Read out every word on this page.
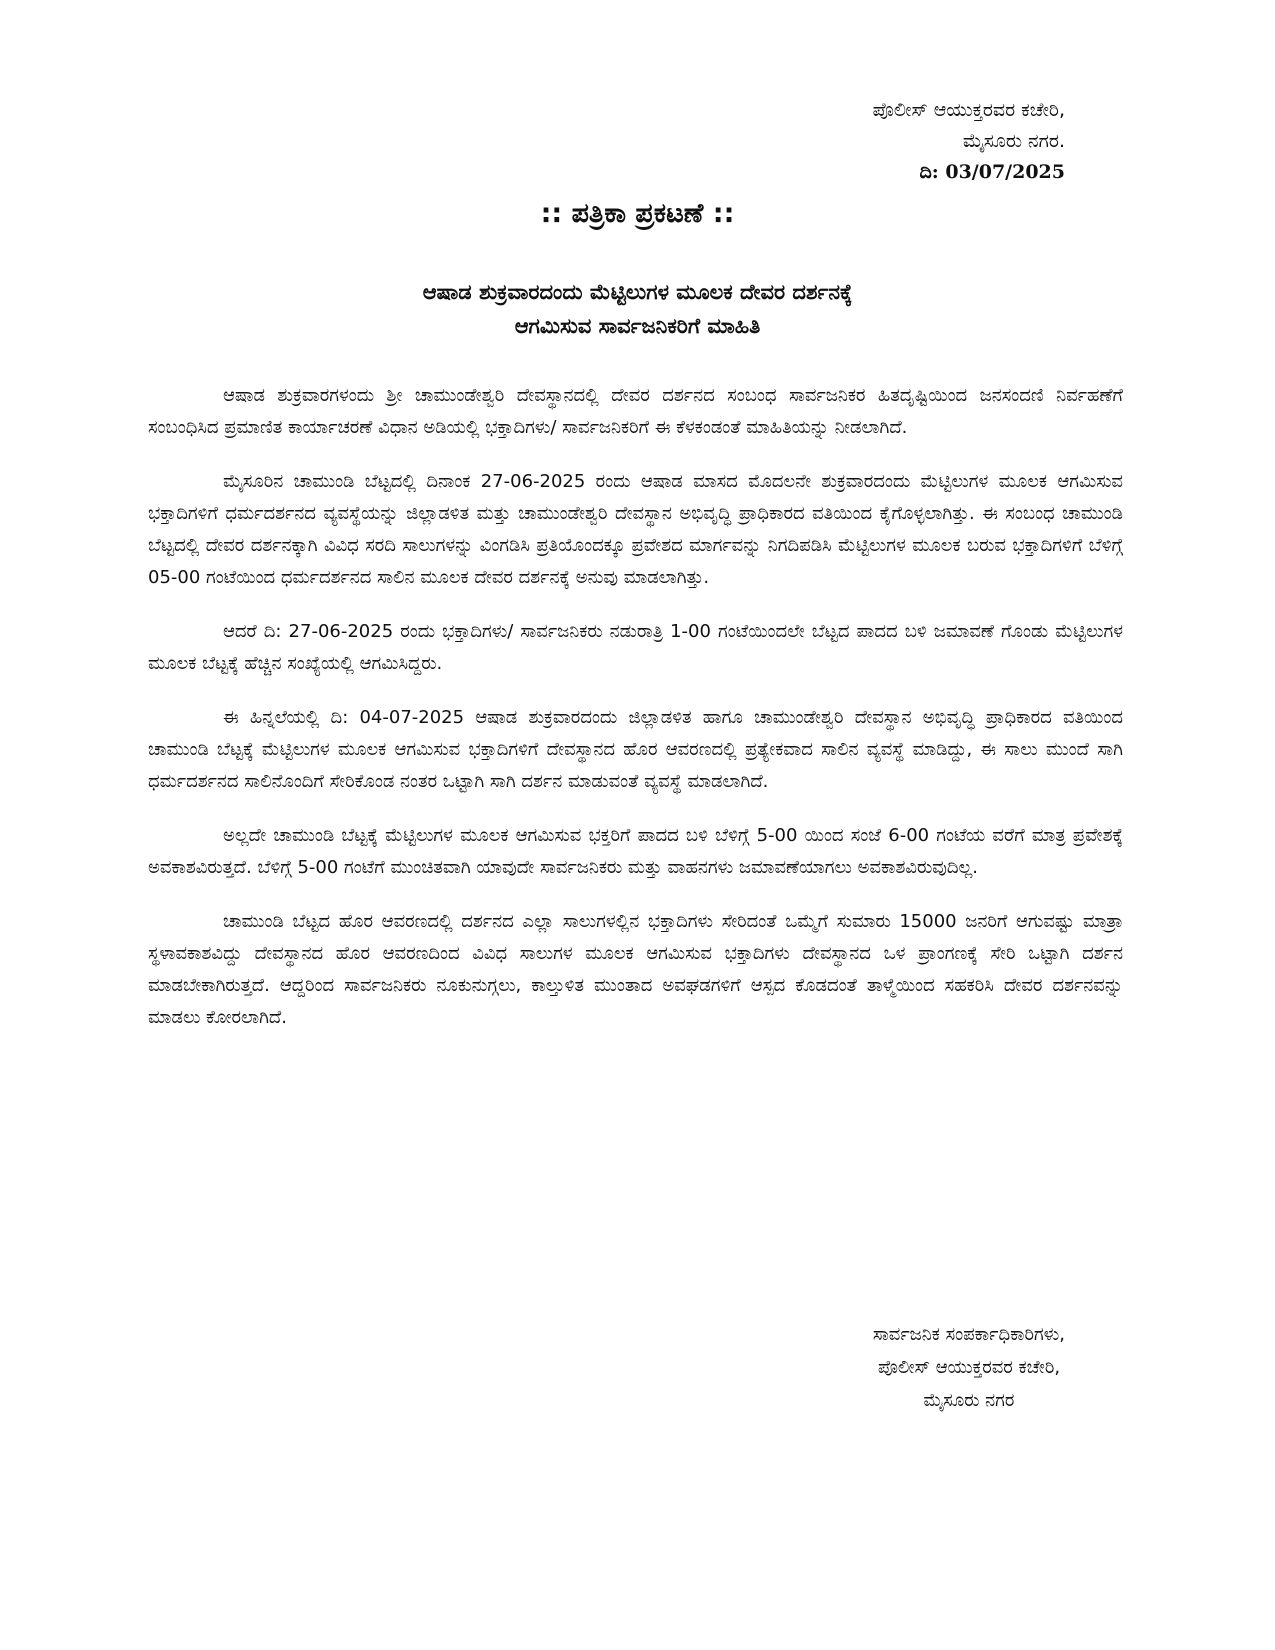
ಪೊಲೀಸ್ ಆಯುಕ್ತರವರ ಕಚೇರಿ,
ಮೈಸೂರು ನಗರ.
ದಿ: 03/07/2025
:: ಪತ್ರಿಕಾ ಪ್ರಕಟಣೆ ::
ಆಷಾಡ ಶುಕ್ರವಾರದಂದು ಮೆಟ್ಟಿಲುಗಳ ಮೂಲಕ ದೇವರ ದರ್ಶನಕ್ಕೆ
ಆಗಮಿಸುವ ಸಾರ್ವಜನಿಕರಿಗೆ ಮಾಹಿತಿ

ಆಷಾಡ ಶುಕ್ರವಾರಗಳಂದು ಶ್ರೀ ಚಾಮುಂಡೇಶ್ವರಿ ದೇವಸ್ಥಾನದಲ್ಲಿ ದೇವರ ದರ್ಶನದ ಸಂಬಂಧ ಸಾರ್ವಜನಿಕರ ಹಿತದೃಷ್ಟಿಯಿಂದ ಜನಸಂದಣಿ ನಿರ್ವಹಣೆಗೆ ಸಂಬಂಧಿಸಿದ ಪ್ರಮಾಣಿತ ಕಾರ್ಯಾಚರಣೆ ವಿಧಾನ ಅಡಿಯಲ್ಲಿ ಭಕ್ತಾದಿಗಳು/ ಸಾರ್ವಜನಿಕರಿಗೆ ಈ ಕೆಳಕಂಡಂತೆ ಮಾಹಿತಿಯನ್ನು ನೀಡಲಾಗಿದೆ.

ಮೈಸೂರಿನ ಚಾಮುಂಡಿ ಬೆಟ್ಟದಲ್ಲಿ ದಿನಾಂಕ 27-06-2025 ರಂದು ಆಷಾಡ ಮಾಸದ ಮೊದಲನೇ ಶುಕ್ರವಾರದಂದು ಮೆಟ್ಟಿಲುಗಳ ಮೂಲಕ ಆಗಮಿಸುವ ಭಕ್ತಾದಿಗಳಿಗೆ ಧರ್ಮದರ್ಶನದ ವ್ಯವಸ್ಥೆಯನ್ನು ಜಿಲ್ಲಾಡಳಿತ ಮತ್ತು ಚಾಮುಂಡೇಶ್ವರಿ ದೇವಸ್ಥಾನ ಅಭಿವೃದ್ಧಿ ಪ್ರಾಧಿಕಾರದ ವತಿಯಿಂದ ಕೈಗೊಳ್ಳಲಾಗಿತ್ತು. ಈ ಸಂಬಂಧ ಚಾಮುಂಡಿ ಬೆಟ್ಟದಲ್ಲಿ ದೇವರ ದರ್ಶನಕ್ಕಾಗಿ ವಿವಿಧ ಸರದಿ ಸಾಲುಗಳನ್ನು ವಿಂಗಡಿಸಿ ಪ್ರತಿಯೊಂದಕ್ಕೂ ಪ್ರವೇಶದ ಮಾರ್ಗವನ್ನು ನಿಗದಿಪಡಿಸಿ ಮೆಟ್ಟಿಲುಗಳ ಮೂಲಕ ಬರುವ ಭಕ್ತಾದಿಗಳಿಗೆ ಬೆಳಿಗ್ಗೆ 05-00 ಗಂಟೆಯಿಂದ ಧರ್ಮದರ್ಶನದ ಸಾಲಿನ ಮೂಲಕ ದೇವರ ದರ್ಶನಕ್ಕೆ ಅನುವು ಮಾಡಲಾಗಿತ್ತು.

ಆದರೆ ದಿ: 27-06-2025 ರಂದು ಭಕ್ತಾದಿಗಳು/ ಸಾರ್ವಜನಿಕರು ನಡುರಾತ್ರಿ 1-00 ಗಂಟೆಯಿಂದಲೇ ಬೆಟ್ಟದ ಪಾದದ ಬಳಿ ಜಮಾವಣೆ ಗೊಂಡು ಮೆಟ್ಟಿಲುಗಳ ಮೂಲಕ ಬೆಟ್ಟಕ್ಕೆ ಹೆಚ್ಚಿನ ಸಂಖ್ಯೆಯಲ್ಲಿ ಆಗಮಿಸಿದ್ದರು.

ಈ ಹಿನ್ನಲೆಯಲ್ಲಿ ದಿ: 04-07-2025 ಆಷಾಡ ಶುಕ್ರವಾರದಂದು ಜಿಲ್ಲಾಡಳಿತ ಹಾಗೂ ಚಾಮುಂಡೇಶ್ವರಿ ದೇವಸ್ಥಾನ ಅಭಿವೃದ್ಧಿ ಪ್ರಾಧಿಕಾರದ ವತಿಯಿಂದ ಚಾಮುಂಡಿ ಬೆಟ್ಟಕ್ಕೆ ಮೆಟ್ಟಿಲುಗಳ ಮೂಲಕ ಆಗಮಿಸುವ ಭಕ್ತಾದಿಗಳಿಗೆ ದೇವಸ್ಥಾನದ ಹೊರ ಆವರಣದಲ್ಲಿ ಪ್ರತ್ಯೇಕವಾದ ಸಾಲಿನ ವ್ಯವಸ್ಥೆ ಮಾಡಿದ್ದು, ಈ ಸಾಲು ಮುಂದೆ ಸಾಗಿ ಧರ್ಮದರ್ಶನದ ಸಾಲಿನೊಂದಿಗೆ ಸೇರಿಕೊಂಡ ನಂತರ ಒಟ್ಟಾಗಿ ಸಾಗಿ ದರ್ಶನ ಮಾಡುವಂತೆ ವ್ಯವಸ್ಥೆ ಮಾಡಲಾಗಿದೆ.

ಅಲ್ಲದೇ ಚಾಮುಂಡಿ ಬೆಟ್ಟಕ್ಕೆ ಮೆಟ್ಟಿಲುಗಳ ಮೂಲಕ ಆಗಮಿಸುವ ಭಕ್ತರಿಗೆ ಪಾದದ ಬಳಿ ಬೆಳಿಗ್ಗೆ 5-00 ಯಿಂದ ಸಂಜೆ 6-00 ಗಂಟೆಯ ವರೆಗೆ ಮಾತ್ರ ಪ್ರವೇಶಕ್ಕೆ ಅವಕಾಶವಿರುತ್ತದೆ. ಬೆಳಿಗ್ಗೆ 5-00 ಗಂಟೆಗೆ ಮುಂಚಿತವಾಗಿ ಯಾವುದೇ ಸಾರ್ವಜನಿಕರು ಮತ್ತು ವಾಹನಗಳು ಜಮಾವಣೆಯಾಗಲು ಅವಕಾಶವಿರುವುದಿಲ್ಲ.

ಚಾಮುಂಡಿ ಬೆಟ್ಟದ ಹೊರ ಆವರಣದಲ್ಲಿ ದರ್ಶನದ ಎಲ್ಲಾ ಸಾಲುಗಳಲ್ಲಿನ ಭಕ್ತಾದಿಗಳು ಸೇರಿದಂತೆ ಒಮ್ಮೆಗೆ ಸುಮಾರು 15000 ಜನರಿಗೆ ಆಗುವಷ್ಟು ಮಾತ್ರಾ ಸ್ಥಳಾವಕಾಶವಿದ್ದು ದೇವಸ್ಥಾನದ ಹೊರ ಆವರಣದಿಂದ ವಿವಿಧ ಸಾಲುಗಳ ಮೂಲಕ ಆಗಮಿಸುವ ಭಕ್ತಾದಿಗಳು ದೇವಸ್ಥಾನದ ಒಳ ಪ್ರಾಂಗಣಕ್ಕೆ ಸೇರಿ ಒಟ್ಟಾಗಿ ದರ್ಶನ ಮಾಡಬೇಕಾಗಿರುತ್ತದೆ. ಆದ್ದರಿಂದ ಸಾರ್ವಜನಿಕರು ನೂಕುನುಗ್ಗಲು, ಕಾಲ್ತುಳಿತ ಮುಂತಾದ ಅವಘಡಗಳಿಗೆ ಆಸ್ಪದ ಕೊಡದಂತೆ ತಾಳ್ಮೆಯಿಂದ ಸಹಕರಿಸಿ ದೇವರ ದರ್ಶನವನ್ನು ಮಾಡಲು ಕೋರಲಾಗಿದೆ.

ಸಾರ್ವಜನಿಕ ಸಂಪರ್ಕಾಧಿಕಾರಿಗಳು,
ಪೊಲೀಸ್ ಆಯುಕ್ತರವರ ಕಚೇರಿ,
ಮೈಸೂರು ನಗರ
